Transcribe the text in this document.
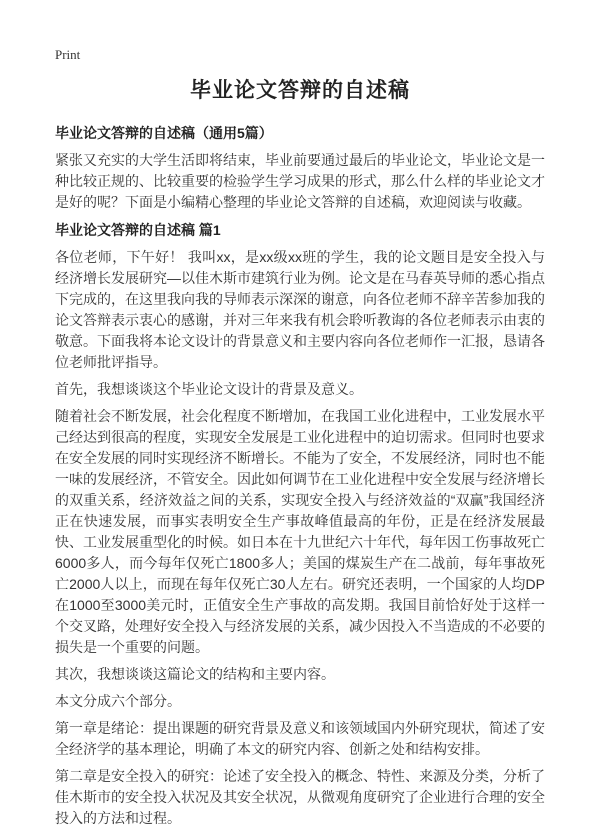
Print
毕业论文答辩的自述稿
毕业论文答辩的自述稿（通用5篇）

紧张又充实的大学生活即将结束，毕业前要通过最后的毕业论文，毕业论文是一种比较正规的、比较重要的检验学生学习成果的形式，那么什么样的毕业论文才是好的呢？下面是小编精心整理的毕业论文答辩的自述稿，欢迎阅读与收藏。

毕业论文答辩的自述稿 篇1

各位老师，下午好！ 我叫xx，是xx级xx班的学生，我的论文题目是安全投入与经济增长发展研究—以佳木斯市建筑行业为例。论文是在马春英导师的悉心指点下完成的，在这里我向我的导师表示深深的谢意，向各位老师不辞辛苦参加我的论文答辩表示衷心的感谢，并对三年来我有机会聆听教诲的各位老师表示由衷的敬意。下面我将本论文设计的背景意义和主要内容向各位老师作一汇报，恳请各位老师批评指导。

首先，我想谈谈这个毕业论文设计的背景及意义。

随着社会不断发展，社会化程度不断增加，在我国工业化进程中，工业发展水平己经达到很高的程度，实现安全发展是工业化进程中的迫切需求。但同时也要求在安全发展的同时实现经济不断增长。不能为了安全，不发展经济，同时也不能一味的发展经济，不管安全。因此如何调节在工业化进程中安全发展与经济增长的双重关系，经济效益之间的关系，实现安全投入与经济效益的“双赢”我国经济正在快速发展，而事实表明安全生产事故峰值最高的年份，正是在经济发展最快、工业发展重型化的时候。如日本在十九世纪六十年代，每年因工伤事故死亡6000多人，而今每年仅死亡1800多人；美国的煤炭生产在二战前，每年事故死亡2000人以上，而现在每年仅死亡30人左右。研究还表明，一个国家的人均DP在1000至3000美元时，正值安全生产事故的高发期。我国目前恰好处于这样一个交叉路，处理好安全投入与经济发展的关系，减少因投入不当造成的不必要的损失是一个重要的问题。

其次，我想谈谈这篇论文的结构和主要内容。

本文分成六个部分。

第一章是绪论：提出课题的研究背景及意义和该领域国内外研究现状，简述了安全经济学的基本理论，明确了本文的研究内容、创新之处和结构安排。

第二章是安全投入的研究：论述了安全投入的概念、特性、来源及分类，分析了佳木斯市的安全投入状况及其安全状况，从微观角度研究了企业进行合理的安全投入的方法和过程。
